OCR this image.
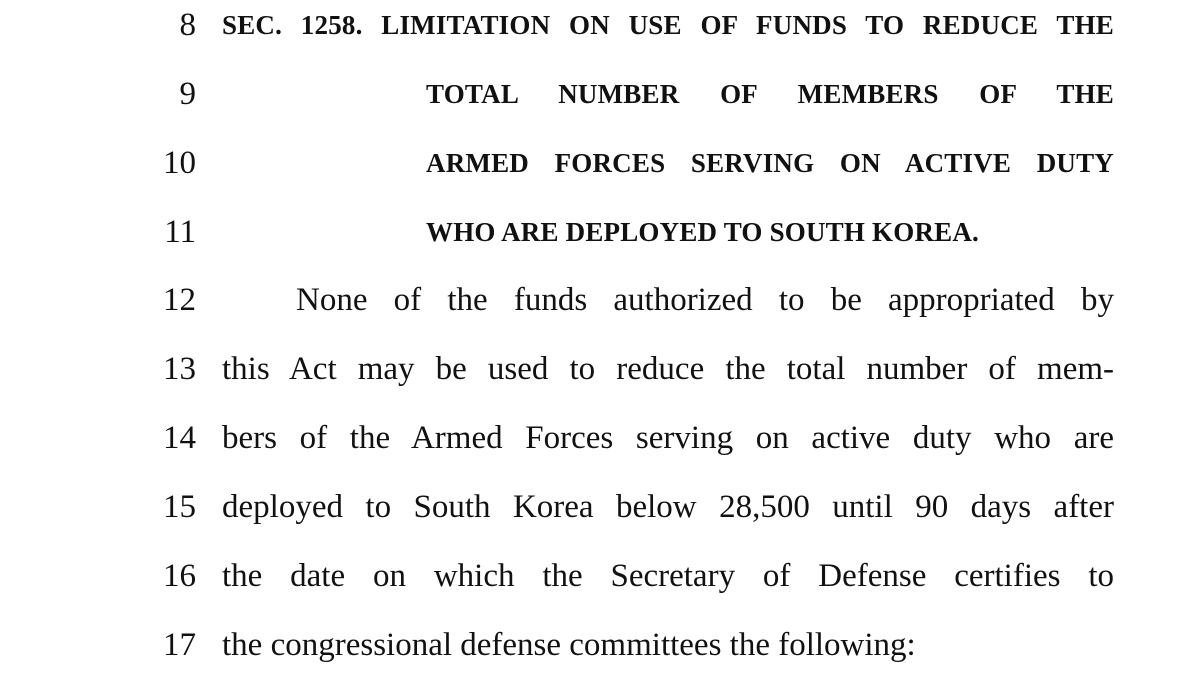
8 SEC. 1258. LIMITATION ON USE OF FUNDS TO REDUCE THE
9	TOTAL NUMBER OF MEMBERS OF THE
10	ARMED FORCES SERVING ON ACTIVE DUTY
11	WHO ARE DEPLOYED TO SOUTH KOREA.
12	None of the funds authorized to be appropriated by
13 this Act may be used to reduce the total number of mem-
14 bers of the Armed Forces serving on active duty who are
15 deployed to South Korea below 28,500 until 90 days after
16 the date on which the Secretary of Defense certifies to
17 the congressional defense committees the following:
